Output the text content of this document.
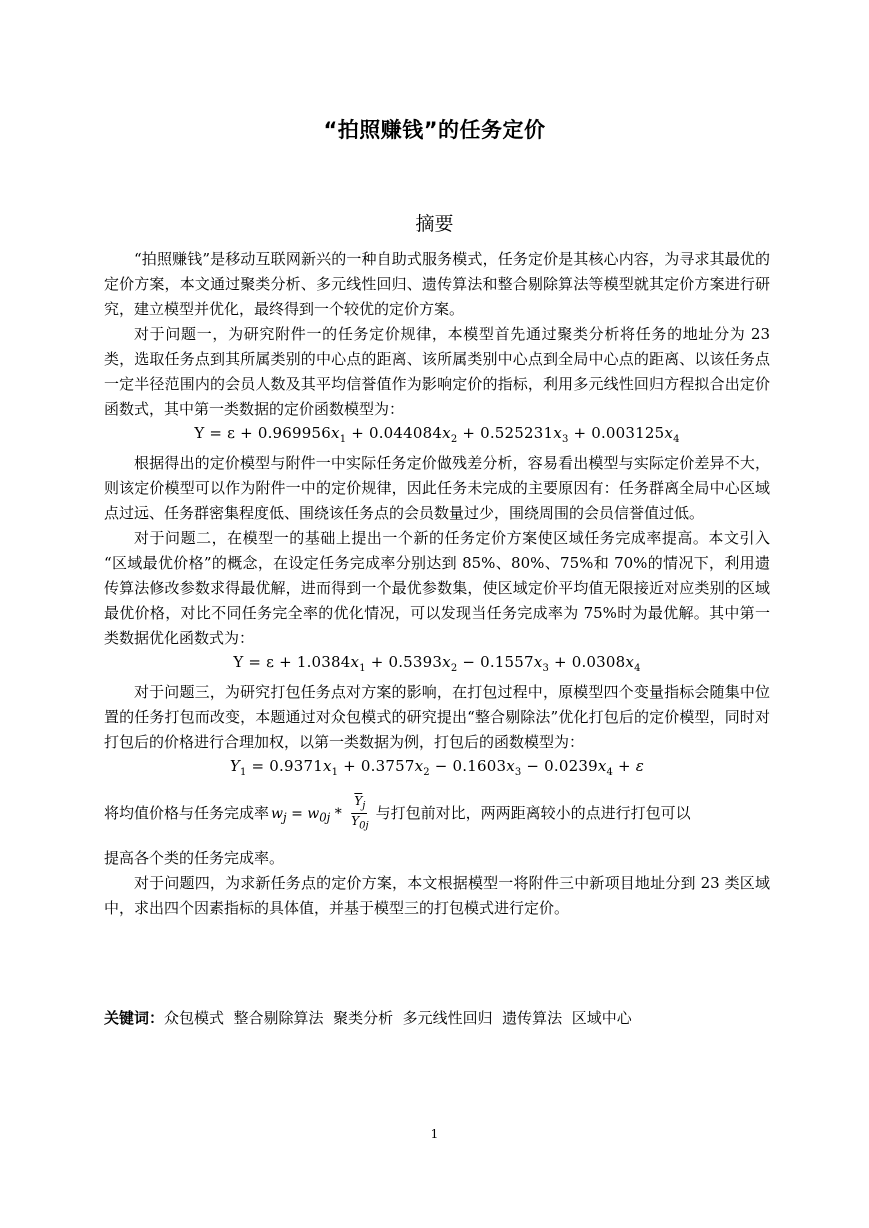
“拍照赚钱”的任务定价
摘要

“拍照赚钱”是移动互联网新兴的一种自助式服务模式，任务定价是其核心内容，为寻求其最优的定价方案，本文通过聚类分析、多元线性回归、遗传算法和整合剔除算法等模型就其定价方案进行研究，建立模型并优化，最终得到一个较优的定价方案。

对于问题一，为研究附件一的任务定价规律，本模型首先通过聚类分析将任务的地址分为 23 类，选取任务点到其所属类别的中心点的距离、该所属类别中心点到全局中心点的距离、以该任务点一定半径范围内的会员人数及其平均信誉值作为影响定价的指标，利用多元线性回归方程拟合出定价函数式，其中第一类数据的定价函数模型为：

$Y = \varepsilon + 0.969956x_1 + 0.044084x_2 + 0.525231x_3 + 0.003125x_4$

根据得出的定价模型与附件一中实际任务定价做残差分析，容易看出模型与实际定价差异不大，则该定价模型可以作为附件一中的定价规律，因此任务未完成的主要原因有：任务群离全局中心区域点过远、任务群密集程度低、围绕该任务点的会员数量过少，围绕周围的会员信誉值过低。

对于问题二，在模型一的基础上提出一个新的任务定价方案使区域任务完成率提高。本文引入 “区域最优价格”的概念，在设定任务完成率分别达到 85%、80%、75%和 70%的情况下，利用遗传算法修改参数求得最优解，进而得到一个最优参数集，使区域定价平均值无限接近对应类别的区域最优价格，对比不同任务完全率的优化情况，可以发现当任务完成率为 75%时为最优解。其中第一类数据优化函数式为：

$Y = \varepsilon + 1.0384x_1 + 0.5393x_2 - 0.1557x_3 + 0.0308x_4$

对于问题三，为研究打包任务点对方案的影响，在打包过程中，原模型四个变量指标会随集中位置的任务打包而改变，本题通过对众包模式的研究提出“整合剔除法”优化打包后的定价模型，同时对打包后的价格进行合理加权，以第一类数据为例，打包后的函数模型为：

$Y_1 = 0.9371x_1 + 0.3757x_2 - 0.1603x_3 - 0.0239x_4 + \varepsilon$

将均值价格与任务完成率 $w_j = w_{0j} * \frac{\overline{Y}_j}{\overline{Y}_{0j}}$ 与打包前对比，两两距离较小的点进行打包可以

提高各个类的任务完成率。

对于问题四，为求新任务点的定价方案，本文根据模型一将附件三中新项目地址分到 23 类区域中，求出四个因素指标的具体值，并基于模型三的打包模式进行定价。

关键词：众包模式  整合剔除算法  聚类分析  多元线性回归  遗传算法  区域中心
1
